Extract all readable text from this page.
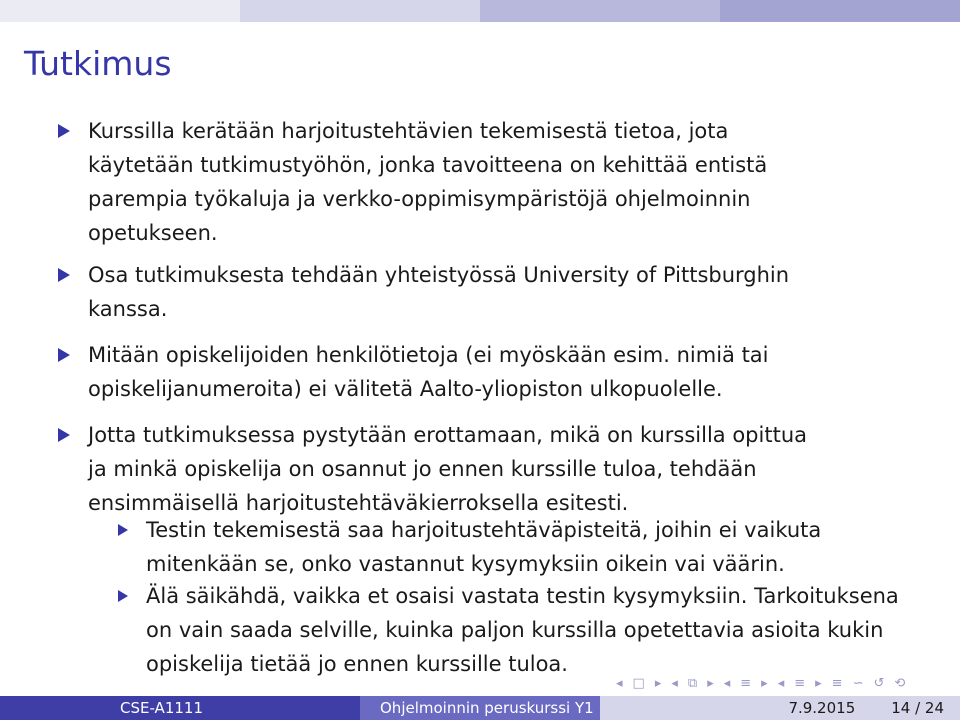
Tutkimus
Kurssilla kerätään harjoitustehtävien tekemisestä tietoa, jota
käytetään tutkimustyöhön, jonka tavoitteena on kehittää entistä
parempia työkaluja ja verkko-oppimisympäristöjä ohjelmoinnin
opetukseen.
Osa tutkimuksesta tehdään yhteistyössä University of Pittsburghin
kanssa.
Mitään opiskelijoiden henkilötietoja (ei myöskään esim. nimiä tai
opiskelijanumeroita) ei välitetä Aalto-yliopiston ulkopuolelle.
Jotta tutkimuksessa pystytään erottamaan, mikä on kurssilla opittua
ja minkä opiskelija on osannut jo ennen kurssille tuloa, tehdään
ensimmäisellä harjoitustehtäväkierroksella esitesti.
Testin tekemisestä saa harjoitustehtäväpisteitä, joihin ei vaikuta
mitenkään se, onko vastannut kysymyksiin oikein vai väärin.
Älä säikähdä, vaikka et osaisi vastata testin kysymyksiin. Tarkoituksena
on vain saada selville, kuinka paljon kurssilla opetettavia asioita kukin
opiskelija tietää jo ennen kurssille tuloa.
◂ □ ▸ ◂ ⧉ ▸ ◂ ≡ ▸ ◂ ≡ ▸ ≡ ∽ ↺ ⟲
CSE-A1111	Ohjelmoinnin peruskurssi Y1	7.9.2015 14 / 24
